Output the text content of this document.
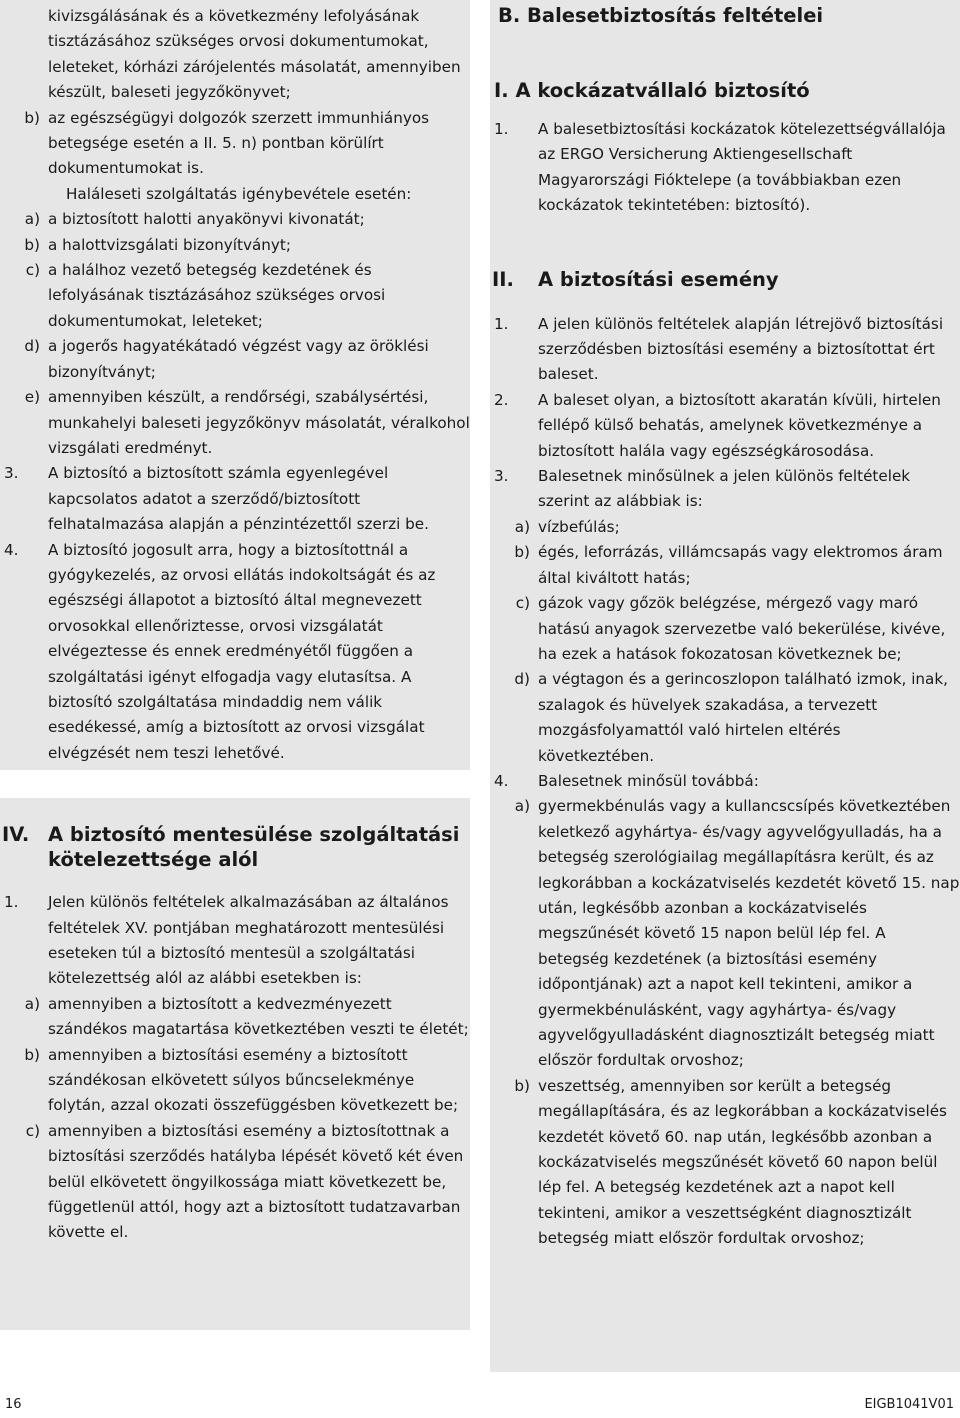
kivizsgálásának és a következmény lefolyásának tisztázásához szükséges orvosi dokumentumokat, leleteket, kórházi zárójelentés másolatát, amennyiben készült, baleseti jegyzőkönyvet;
b) az egészségügyi dolgozók szerzett immunhiányos betegsége esetén a II. 5. n) pontban körülírt dokumentumokat is.
Haláleseti szolgáltatás igénybevétele esetén:
a) a biztosított halotti anyakönyvi kivonatát;
b) a halottvizsgálati bizonyítványt;
c) a halálhoz vezető betegség kezdetének és lefolyásának tisztázásához szükséges orvosi dokumentumokat, leleteket;
d) a jogerős hagyatékátadó végzést vagy az öröklési bizonyítványt;
e) amennyiben készült, a rendőrségi, szabálysértési, munkahelyi baleseti jegyzőkönyv másolatát, véralkohol vizsgálati eredményt.
3.	A biztosító a biztosított számla egyenlegével kapcsolatos adatot a szerződő/biztosított felhatalmazása alapján a pénzintézettől szerzi be.
4.	A biztosító jogosult arra, hogy a biztosítottnál a gyógykezelés, az orvosi ellátás indokoltságát és az egészségi állapotot a biztosító által megnevezett orvosokkal ellenőriztesse, orvosi vizsgálatát elvégeztesse és ennek eredményétől függően a szolgáltatási igényt elfogadja vagy elutasítsa. A biztosító szolgáltatása mindaddig nem válik esedékessé, amíg a biztosított az orvosi vizsgálat elvégzését nem teszi lehetővé.
IV. A biztosító mentesülése szolgáltatási kötelezettsége alól
1.	Jelen különös feltételek alkalmazásában az általános feltételek XV. pontjában meghatározott mentesülési eseteken túl a biztosító mentesül a szolgáltatási kötelezettség alól az alábbi esetekben is:
a) amennyiben a biztosított a kedvezményezett szándékos magatartása következtében veszti te életét;
b) amennyiben a biztosítási esemény a biztosított szándékosan elkövetett súlyos bűncselekménye folytán, azzal okozati összefüggésben következett be;
c) amennyiben a biztosítási esemény a biztosítottnak a biztosítási szerződés hatályba lépését követő két éven belül elkövetett öngyilkossága miatt következett be, függetlenül attól, hogy azt a biztosított tudatzavarban követte el.
B. Balesetbiztosítás feltételei
I. A kockázatvállaló biztosító
1.	A balesetbiztosítási kockázatok kötelezettségvállalója az ERGO Versicherung Aktiengesellschaft Magyarországi Fióktelepe (a továbbiakban ezen kockázatok tekintetében: biztosító).
II.	A biztosítási esemény
1.	A jelen különös feltételek alapján létrejövő biztosítási szerződésben biztosítási esemény a biztosítottat ért baleset.
2.	A baleset olyan, a biztosított akaratán kívüli, hirtelen fellépő külső behatás, amelynek következménye a biztosított halála vagy egészségkárosodása.
3.	Balesetnek minősülnek a jelen különös feltételek szerint az alábbiak is:
a) vízbefúlás;
b) égés, leforrázás, villámcsapás vagy elektromos áram által kiváltott hatás;
c) gázok vagy gőzök belégzése, mérgező vagy maró hatású anyagok szervezetbe való bekerülése, kivéve, ha ezek a hatások fokozatosan következnek be;
d) a végtagon és a gerincoszlopon található izmok, inak, szalagok és hüvelyek szakadása, a tervezett mozgásfolyamattól való hirtelen eltérés következtében.
4.	Balesetnek minősül továbbá:
a) gyermekbénulás vagy a kullancscsípés következtében keletkező agyhártya- és/vagy agyvelőgyulladás, ha a betegség szerológiailag megállapításra került, és az legkorábban a kockázatviselés kezdetét követő 15. nap után, legkésőbb azonban a kockázatviselés megszűnését követő 15 napon belül lép fel. A betegség kezdetének (a biztosítási esemény időpontjának) azt a napot kell tekinteni, amikor a gyermekbénulásként, vagy agyhártya- és/vagy agyvelőgyulladásként diagnosztizált betegség miatt először fordultak orvoshoz;
b) veszettség, amennyiben sor került a betegség megállapítására, és az legkorábban a kockázatviselés kezdetét követő 60. nap után, legkésőbb azonban a kockázatviselés megszűnését követő 60 napon belül lép fel. A betegség kezdetének azt a napot kell tekinteni, amikor a veszettségként diagnosztizált betegség miatt először fordultak orvoshoz;
16	EIGB1041V01
